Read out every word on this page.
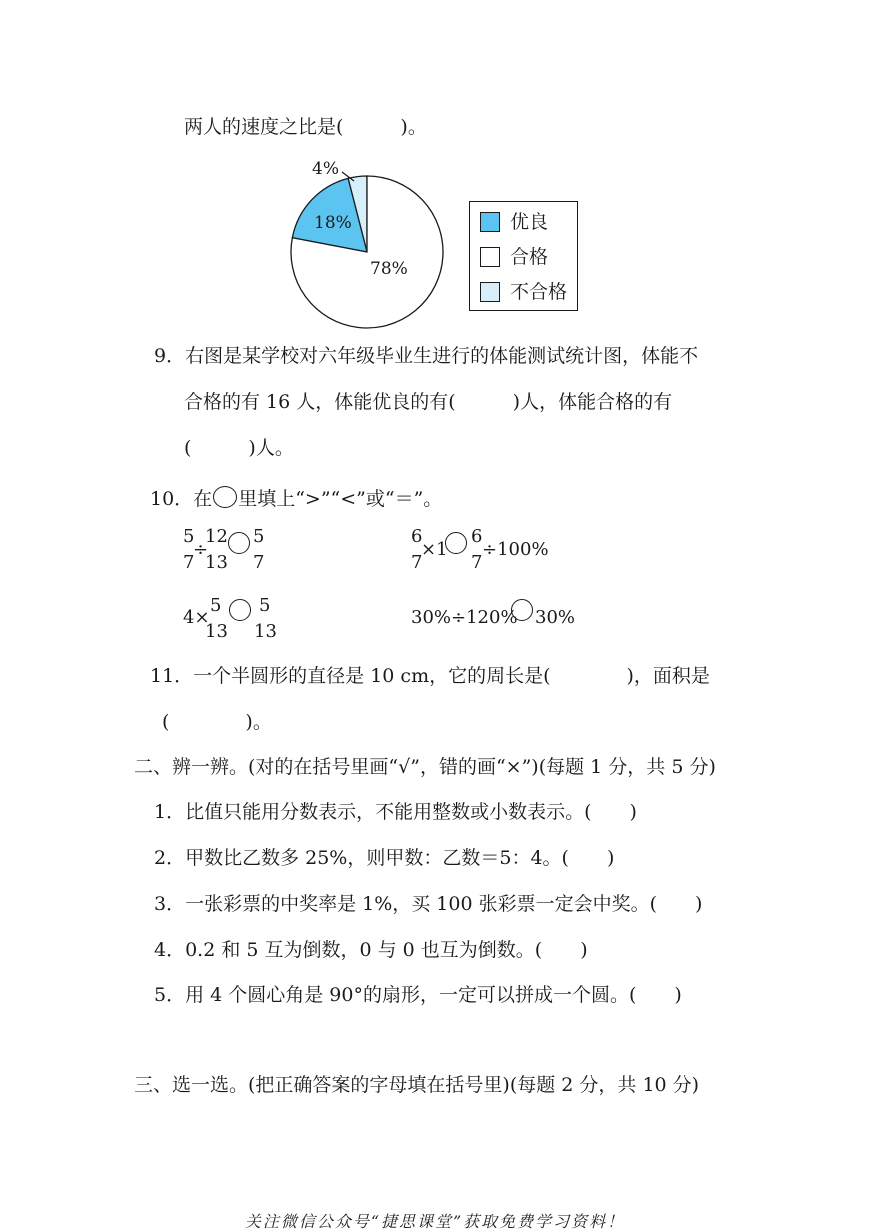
两人的速度之比是(　　　)。
4%
18%
78%
优良
合格
不合格
9．右图是某学校对六年级毕业生进行的体能测试统计图，体能不
合格的有 16 人，体能优良的有(　　　)人，体能合格的有
(　　　)人。
10．在 里填上“>”“<”或“＝”。
5
7
÷
12
13
5
7
6
7
×1
6
7
÷100%
4×
5
13
5
13
30%÷120% 30%
11．一个半圆形的直径是 10 cm，它的周长是(　　　　)，面积是
(　　　　)。
二、辨一辨。(对的在括号里画“√”，错的画“×”)(每题 1 分，共 5 分)
1．比值只能用分数表示，不能用整数或小数表示。(　　)
2．甲数比乙数多 25%，则甲数：乙数＝5：4。(　　)
3．一张彩票的中奖率是 1%，买 100 张彩票一定会中奖。(　　)
4．0.2 和 5 互为倒数，0 与 0 也互为倒数。(　　)
5．用 4 个圆心角是 90°的扇形，一定可以拼成一个圆。(　　)
三、选一选。(把正确答案的字母填在括号里)(每题 2 分，共 10 分)
关注微信公众号“捷思课堂”获取免费学习资料！
